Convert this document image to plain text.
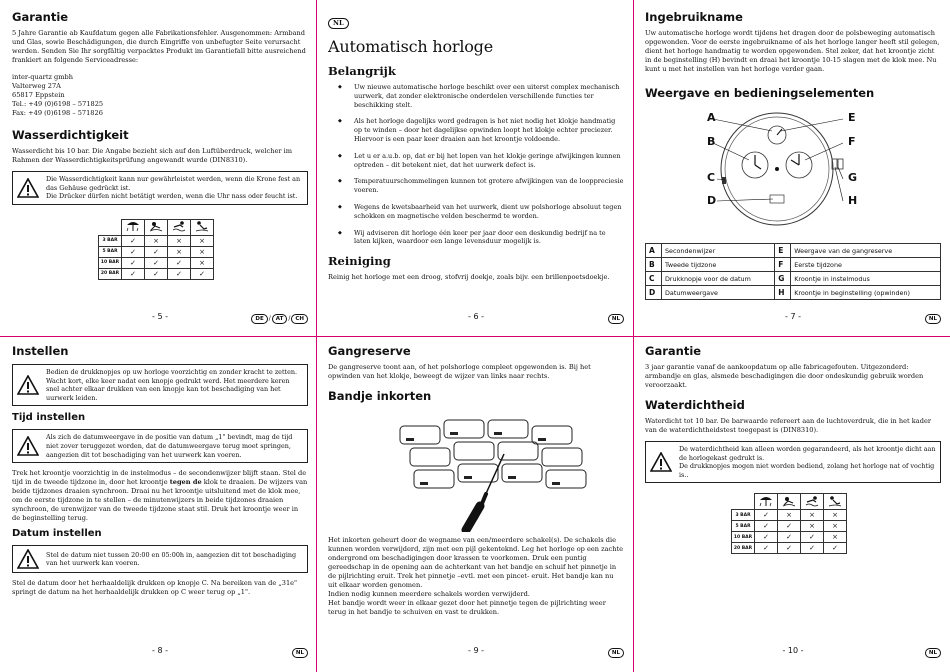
Garantie

5 Jahre Garantie ab Kaufdatum gegen alle Fabrikationsfehler. Ausgenommen: Armband und Glas, sowie Beschädigungen, die durch Eingriffe von unbefugter Seite verursacht werden. Senden Sie Ihr sorgfältig verpacktes Produkt im Garantiefall bitte ausreichend frankiert an folgende Serviceadresse:

inter-quartz gmbh

Valterweg 27A

65817 Eppstein

Tel.: +49 (0)6198 – 571825

Fax: +49 (0)6198 – 571826

Wasserdichtigkeit

Wasserdicht bis 10 bar. Die Angabe bezieht sich auf den Luftüberdruck, welcher im Rahmen der Wasserdichtigkeitsprüfung angewandt wurde (DIN8310).

Die Wasserdichtigkeit kann nur gewährleistet werden, wenn die Krone fest an das Gehäuse gedrückt ist.

Die Drücker dürfen nicht betätigt werden, wenn die Uhr nass oder feucht ist.

3 BAR	✓	×	×	×
5 BAR	✓	✓	×	×
10 BAR	✓	✓	✓	×
20 BAR	✓	✓	✓	✓
- 5 -	DE / AT / CH
NL
Automatisch horloge
Belangrijk
◆ Uw nieuwe automatische horloge beschikt over een uiterst complex mechanisch uurwerk, dat zonder elektronische onderdelen verschillende functies ter beschikking stelt.
◆ Als het horloge dagelijks word gedragen is het niet nodig het klokje handmatig op te winden – door het dagelijkse opwinden loopt het klokje echter preciezer. Hiervoor is een paar keer draaien aan het kroontje voldoende.
◆ Let u er a.u.b. op, dat er bij het lopen van het klokje geringe afwijkingen kunnen optreden – dit betekent niet, dat het uurwerk defect is.
◆ Temperatuurschommelingen kunnen tot grotere afwijkingen van de looppreciesie voeren.
◆ Wegens de kwetsbaarheid van het uurwerk, dient uw polshorloge absoluut tegen schokken en magnetische velden beschermd te worden.
◆ Wij adviseren dit horloge één keer per jaar door een deskundig bedrijf na te laten kijken, waardoor een lange levensduur mogelijk is.
Reiniging

Reinig het horloge met een droog, stofvrij doekje, zoals bijv. een brillenpoetsdoekje.

- 6 -	NL
Ingebruikname

Uw automatische horloge wordt tijdens het dragen door de polsbeweging automatisch opgewonden. Voor de eerste ingebruikname of als het horloge langer heeft stil gelegen, dient het horloge handmatig te worden opgewonden. Stel zeker, dat het kroontje zicht in de beginstelling (H) bevindt en draai het kroontje 10-15 slagen met de klok mee. Nu kunt u met het instellen van het horloge verder gaan.

Weergave en bedieningselementen
A
B
C
D
E
F
G
H
A	Secondenwijzer	E	Weergave van de gangreserve
B	Tweede tijdzone	F	Eerste tijdzone
C	Drukknopje voor de datum	G	Kroontje in instelmodus
D	Datumweergave	H	Kroontje in beginstelling (opwinden)
- 7 -	NL
Instellen

Bedien de drukknopjes op uw horloge voorzichtig en zonder kracht te zetten. Wacht kort, elke keer nadat een knopje gedrukt werd. Het meerdere keren snel achter elkaar drukken van een knopje kan tot beschadiging van het uurwerk leiden.

Tijd instellen

Als zich de datumweergave in de positie van datum „1" bevindt, mag de tijd niet zover teruggezet worden, dat de datumweergave terug moet springen, aangezien dit tot beschadiging van het uurwerk kan voeren.

Trek het kroontje voorzichtig in de instelmodus – de secondenwijzer blijft staan. Stel de tijd in de tweede tijdzone in, door het kroontje tegen de klok te draaien. De wijzers van beide tijdzones draaien synchroon. Draai nu het kroontje uitsluitend met de klok mee, om de eerste tijdzone in te stellen – de minutenwijzers in beide tijdzones draaien synchroon, de urenwijzer van de tweede tijdzone staat stil. Druk het kroontje weer in de beginstelling terug.

Datum instellen

Stel de datum niet tussen 20:00 en 05:00h in, aangezien dit tot beschadiging van het uurwerk kan voeren.

Stel de datum door het herhaaldelijk drukken op knopje C. Na bereiken van de „31e" springt de datum na het herhaaldelijk drukken op C weer terug op „1".

- 8 -	NL
Gangreserve

De gangreserve toont aan, of het polshorloge compleet opgewonden is. Bij het opwinden van het klokje, beweegt de wijzer van links naar rechts.

Bandje inkorten

Het inkorten geheurt door de wegname van een/meerdere schakel(s). De schakels die kunnen worden verwijderd, zijn met een pijl gekenteknd. Leg het horloge op een zachte ondergrond om beschadigingen door krassen te voorkomen. Druk een puntig gereedschap in de opening aan de achterkant van het bandje en schuif het pinnetje in de pijlrichting eruit. Trek het pinnetje –evtl. met een pincet- eruit. Het bandje kan nu uit elkaar worden genomen.

Indien nodig kunnen meerdere schakels worden verwijderd.

Het bandje wordt weer in elkaar gezet door het pinnetje tegen de pijlrichting weer terug in het bandje te schuiven en vast te drukken.

- 9 -	NL
Garantie

3 jaar garantie vanaf de aankoopdatum op alle fabricagefouten. Uitgezonderd: armbandje en glas, alsmede beschadigingen die door ondeskundig gebruik worden veroorzaakt.

Waterdichtheid

Waterdicht tot 10 bar. De barwaarde refereert aan de luchtoverdruk, die in het kader van de waterdichtheidstest toegepast is (DIN8310).

De waterdichtheid kan alleen worden gegarandeerd, als het kroontje dicht aan de horlogekast gedrukt is.

De drukknopjes mogen niet worden bediend, zolang het horloge nat of vochtig is..

3 BAR	✓	×	×	×
5 BAR	✓	✓	×	×
10 BAR	✓	✓	✓	×
20 BAR	✓	✓	✓	✓
- 10 -	NL
